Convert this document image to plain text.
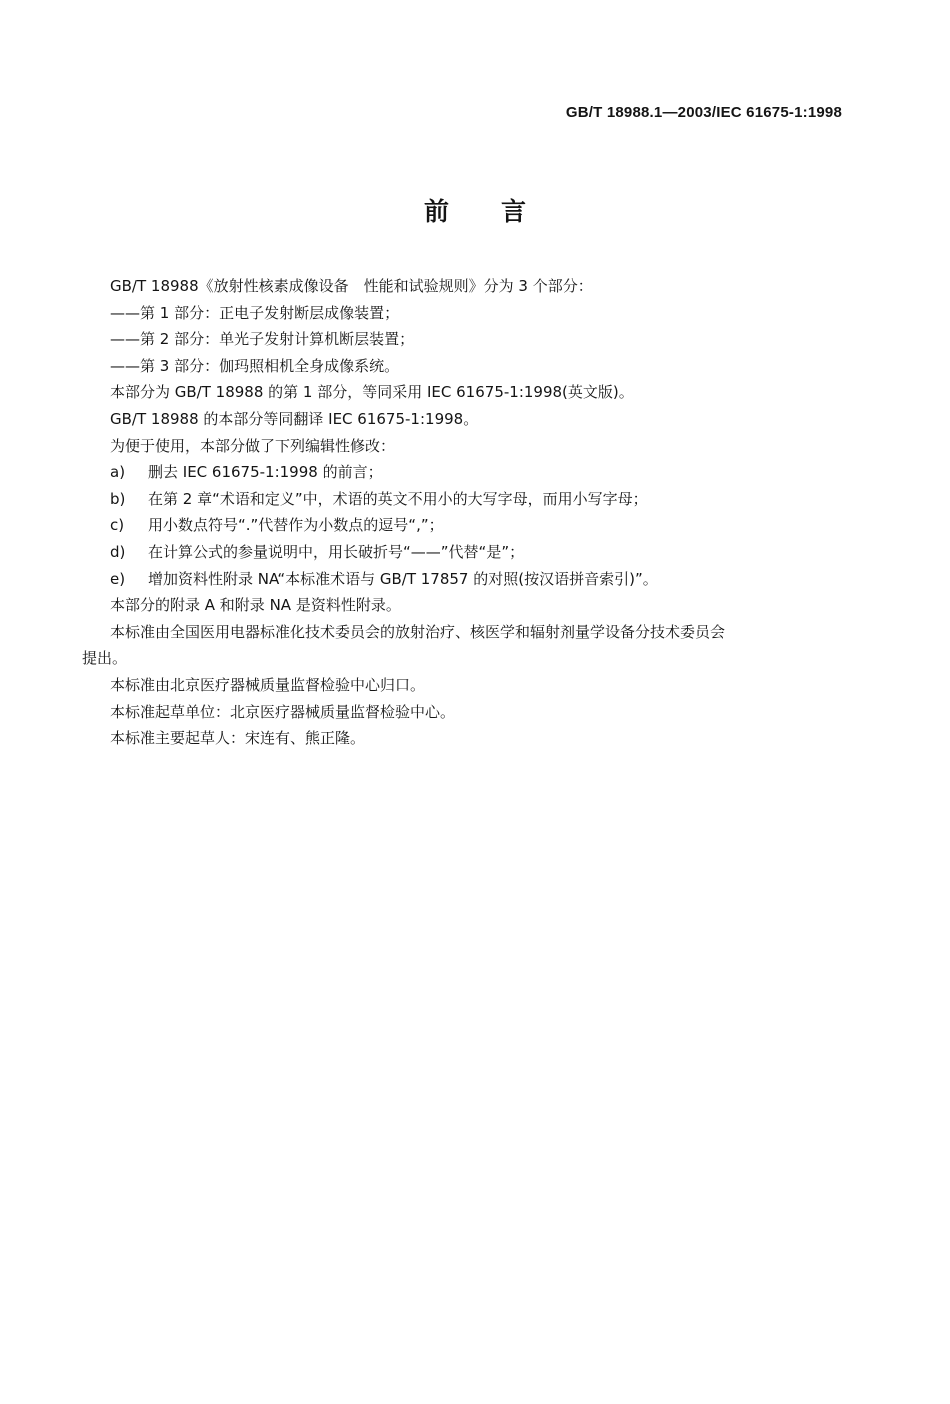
GB/T 18988.1—2003/IEC 61675-1:1998
前言

GB/T 18988《放射性核素成像设备　性能和试验规则》分为 3 个部分：

——第 1 部分：正电子发射断层成像装置；

——第 2 部分：单光子发射计算机断层装置；

——第 3 部分：伽玛照相机全身成像系统。

本部分为 GB/T 18988 的第 1 部分，等同采用 IEC 61675-1:1998(英文版)。

GB/T 18988 的本部分等同翻译 IEC 61675-1:1998。

为便于使用，本部分做了下列编辑性修改：

a)	删去 IEC 61675-1:1998 的前言；
b)	在第 2 章“术语和定义”中，术语的英文不用小的大写字母，而用小写字母；
c)	用小数点符号“.”代替作为小数点的逗号“,”；
d)	在计算公式的参量说明中，用长破折号“——”代替“是”；
e)	增加资料性附录 NA“本标准术语与 GB/T 17857 的对照(按汉语拼音索引)”。

本部分的附录 A 和附录 NA 是资料性附录。

本标准由全国医用电器标准化技术委员会的放射治疗、核医学和辐射剂量学设备分技术委员会

提出。

本标准由北京医疗器械质量监督检验中心归口。

本标准起草单位：北京医疗器械质量监督检验中心。

本标准主要起草人：宋连有、熊正隆。
